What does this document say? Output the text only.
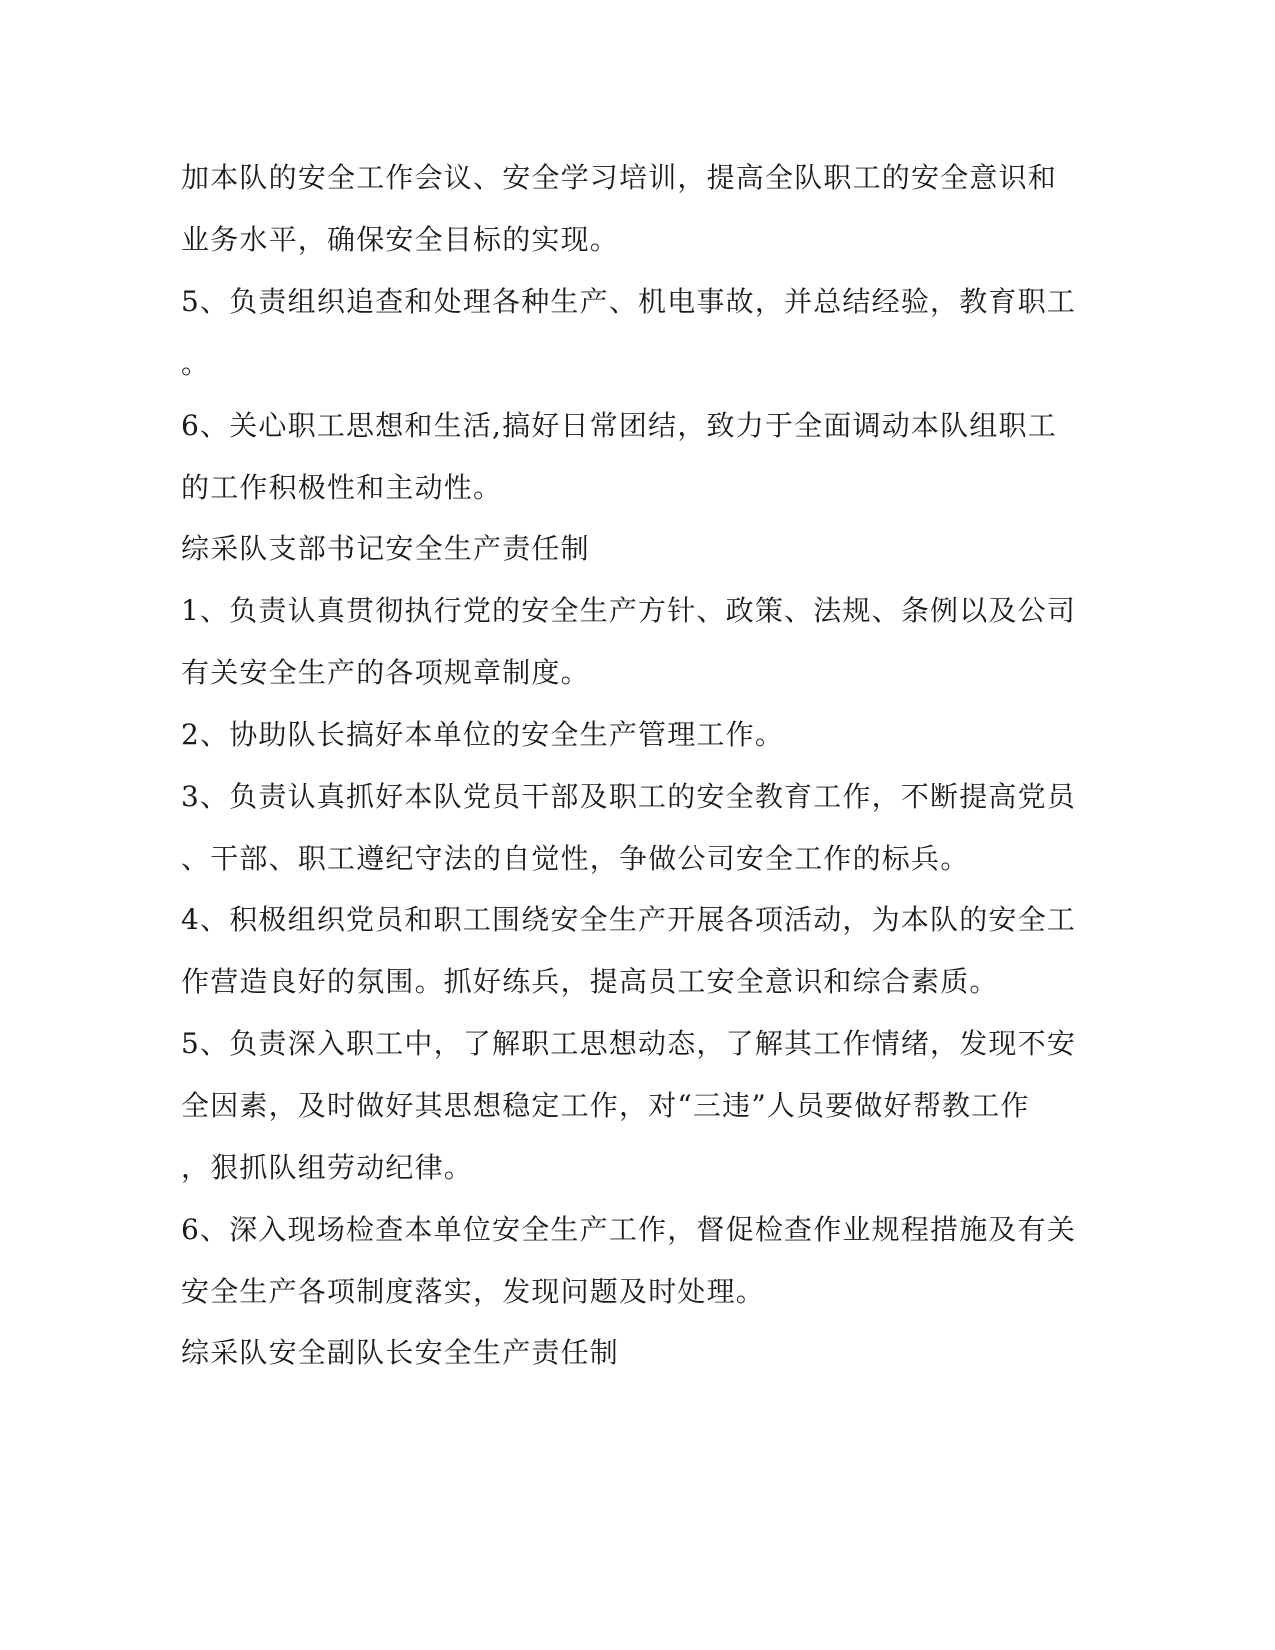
加本队的安全工作会议、安全学习培训，提高全队职工的安全意识和
业务水平，确保安全目标的实现。
5、负责组织追查和处理各种生产、机电事故，并总结经验，教育职工
。
6、关心职工思想和生活,搞好日常团结，致力于全面调动本队组职工
的工作积极性和主动性。
综采队支部书记安全生产责任制
1、负责认真贯彻执行党的安全生产方针、政策、法规、条例以及公司
有关安全生产的各项规章制度。
2、协助队长搞好本单位的安全生产管理工作。
3、负责认真抓好本队党员干部及职工的安全教育工作，不断提高党员
、干部、职工遵纪守法的自觉性，争做公司安全工作的标兵。
4、积极组织党员和职工围绕安全生产开展各项活动，为本队的安全工
作营造良好的氛围。抓好练兵，提高员工安全意识和综合素质。
5、负责深入职工中，了解职工思想动态，了解其工作情绪，发现不安
全因素，及时做好其思想稳定工作，对“三违”人员要做好帮教工作
，狠抓队组劳动纪律。
6、深入现场检查本单位安全生产工作，督促检查作业规程措施及有关
安全生产各项制度落实，发现问题及时处理。
综采队安全副队长安全生产责任制
